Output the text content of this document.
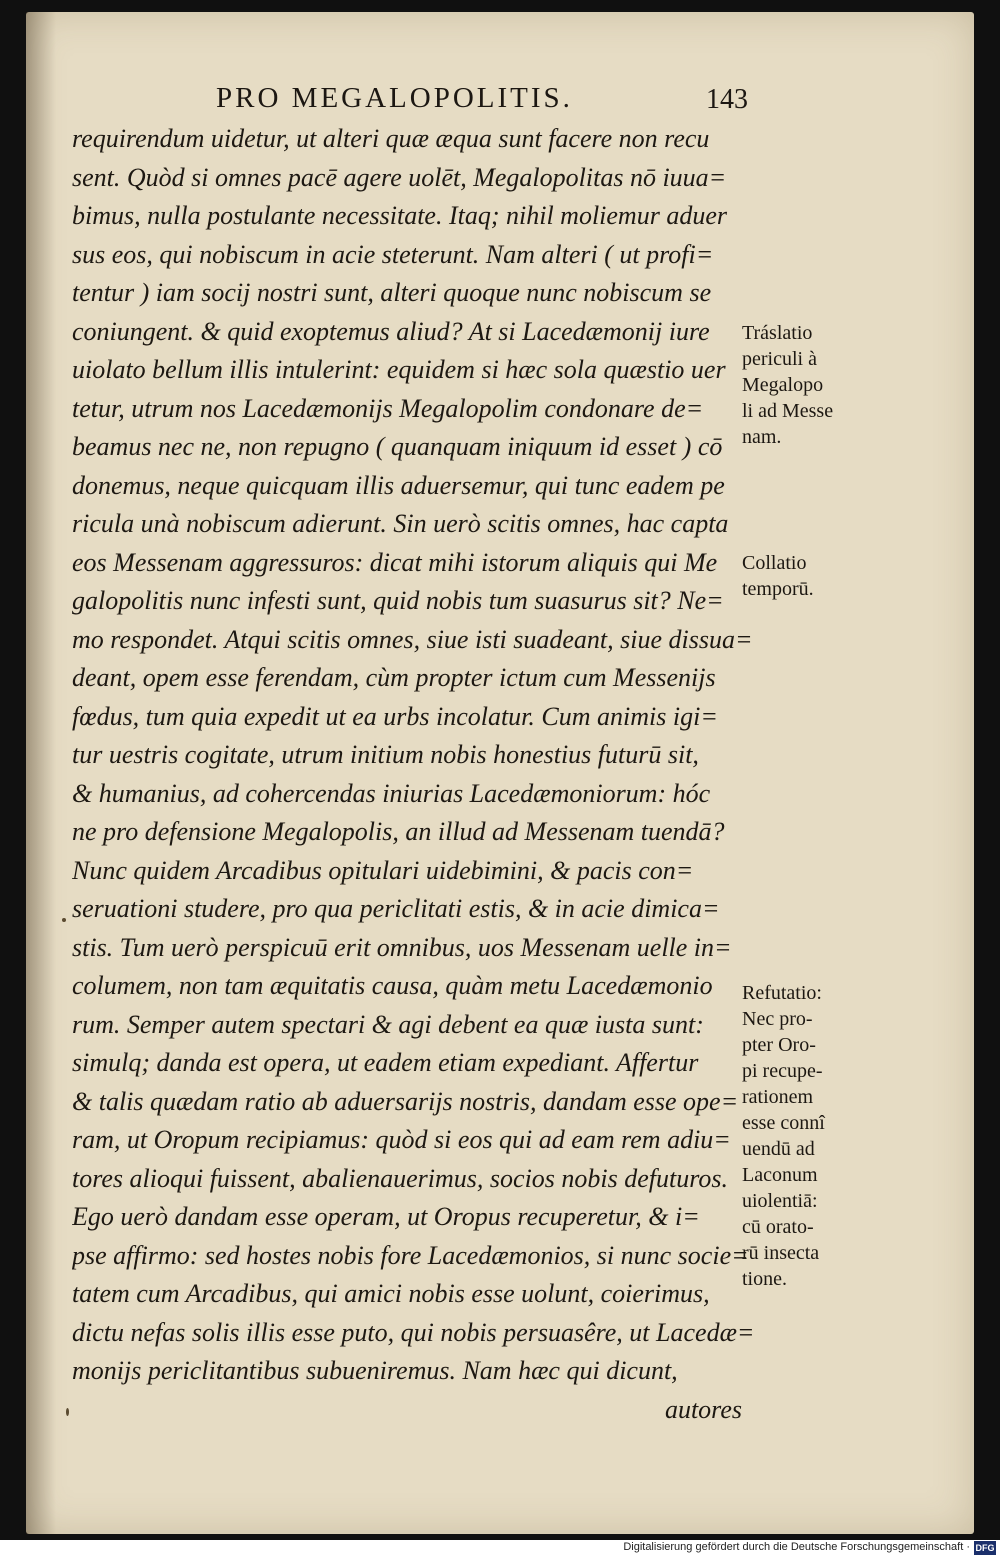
PRO MEGALOPOLITIS.	143
requirendum uidetur, ut alteri quæ æqua sunt facere non recu
sent. Quòd si omnes pacē agere uolēt, Megalopolitas nō iuua=
bimus, nulla postulante necessitate. Itaq; nihil moliemur aduer
sus eos, qui nobiscum in acie steterunt. Nam alteri ( ut profi=
tentur ) iam socij nostri sunt, alteri quoque nunc nobiscum se
coniungent. & quid exoptemus aliud? At si Lacedæmonij iure
uiolato bellum illis intulerint: equidem si hæc sola quæstio uer
tetur, utrum nos Lacedæmonijs Megalopolim condonare de=
beamus nec ne, non repugno ( quanquam iniquum id esset ) cō
donemus, neque quicquam illis aduersemur, qui tunc eadem pe
ricula unà nobiscum adierunt. Sin uerò scitis omnes, hac capta
eos Messenam aggressuros: dicat mihi istorum aliquis qui Me
galopolitis nunc infesti sunt, quid nobis tum suasurus sit? Ne=
mo respondet. Atqui scitis omnes, siue isti suadeant, siue dissua=
deant, opem esse ferendam, cùm propter ictum cum Messenijs
fœdus, tum quia expedit ut ea urbs incolatur. Cum animis igi=
tur uestris cogitate, utrum initium nobis honestius futurū sit,
& humanius, ad cohercendas iniurias Lacedæmoniorum: hóc
ne pro defensione Megalopolis, an illud ad Messenam tuendā?
Nunc quidem Arcadibus opitulari uidebimini, & pacis con=
seruationi studere, pro qua periclitati estis, & in acie dimica=
stis. Tum uerò perspicuū erit omnibus, uos Messenam uelle in=
columem, non tam æquitatis causa, quàm metu Lacedæmonio
rum. Semper autem spectari & agi debent ea quæ iusta sunt:
simulq; danda est opera, ut eadem etiam expediant. Affertur
& talis quædam ratio ab aduersarijs nostris, dandam esse ope=
ram, ut Oropum recipiamus: quòd si eos qui ad eam rem adiu=
tores alioqui fuissent, abalienauerimus, socios nobis defuturos.
Ego uerò dandam esse operam, ut Oropus recuperetur, & i=
pse affirmo: sed hostes nobis fore Lacedæmonios, si nunc socie=
tatem cum Arcadibus, qui amici nobis esse uolunt, coierimus,
dictu nefas solis illis esse puto, qui nobis persuasêre, ut Lacedæ=
monijs periclitantibus subueniremus. Nam hæc qui dicunt,
autores
Tráslatio
periculi à
Megalopo
li ad Messe
nam.
Collatio
temporū.
Refutatio:
Nec pro-
pter Oro-
pi recupe-
rationem
esse connî
uendū ad
Laconum
uiolentiā:
cū orato-
rū insecta
tione.
Digitalisierung gefördert durch die Deutsche Forschungsgemeinschaft · DFG
